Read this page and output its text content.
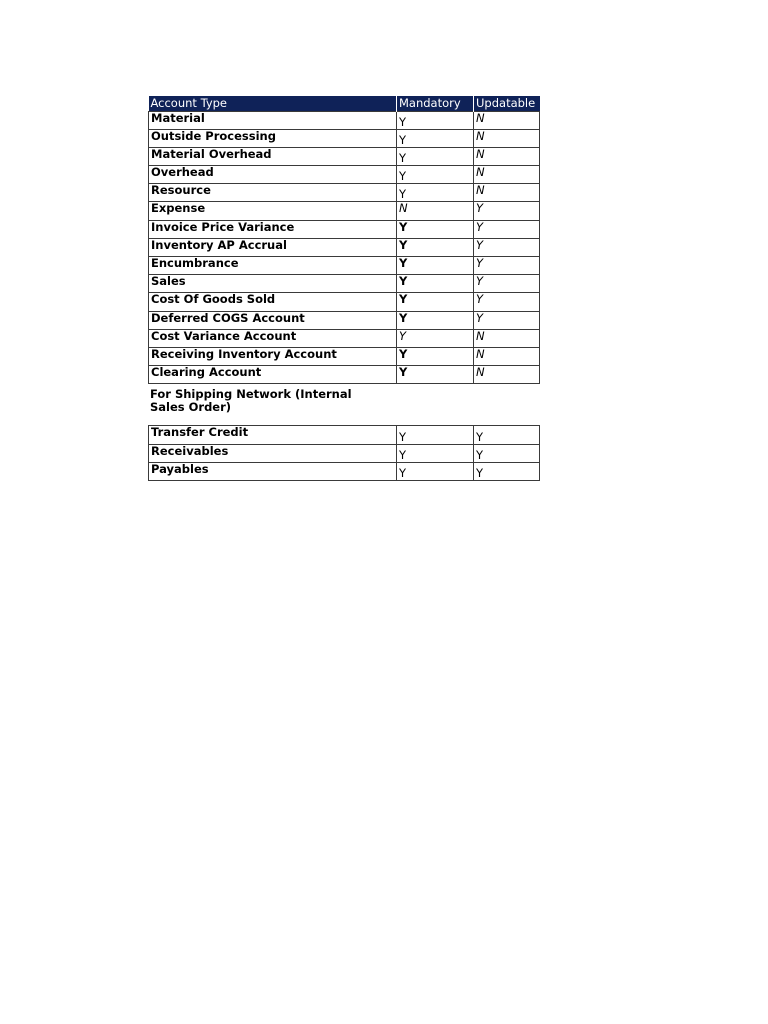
Account Type	Mandatory	Updatable
Material	Y	N
Outside Processing	Y	N
Material Overhead	Y	N
Overhead	Y	N
Resource	Y	N
Expense	N	Y
Invoice Price Variance	Y	Y
Inventory AP Accrual	Y	Y
Encumbrance	Y	Y
Sales	Y	Y
Cost Of Goods Sold	Y	Y
Deferred COGS Account	Y	Y
Cost Variance Account	Y	N
Receiving Inventory Account	Y	N
Clearing Account	Y	N
For Shipping Network (Internal Sales Order)
Transfer Credit	Y	Y
Receivables	Y	Y
Payables	Y	Y
